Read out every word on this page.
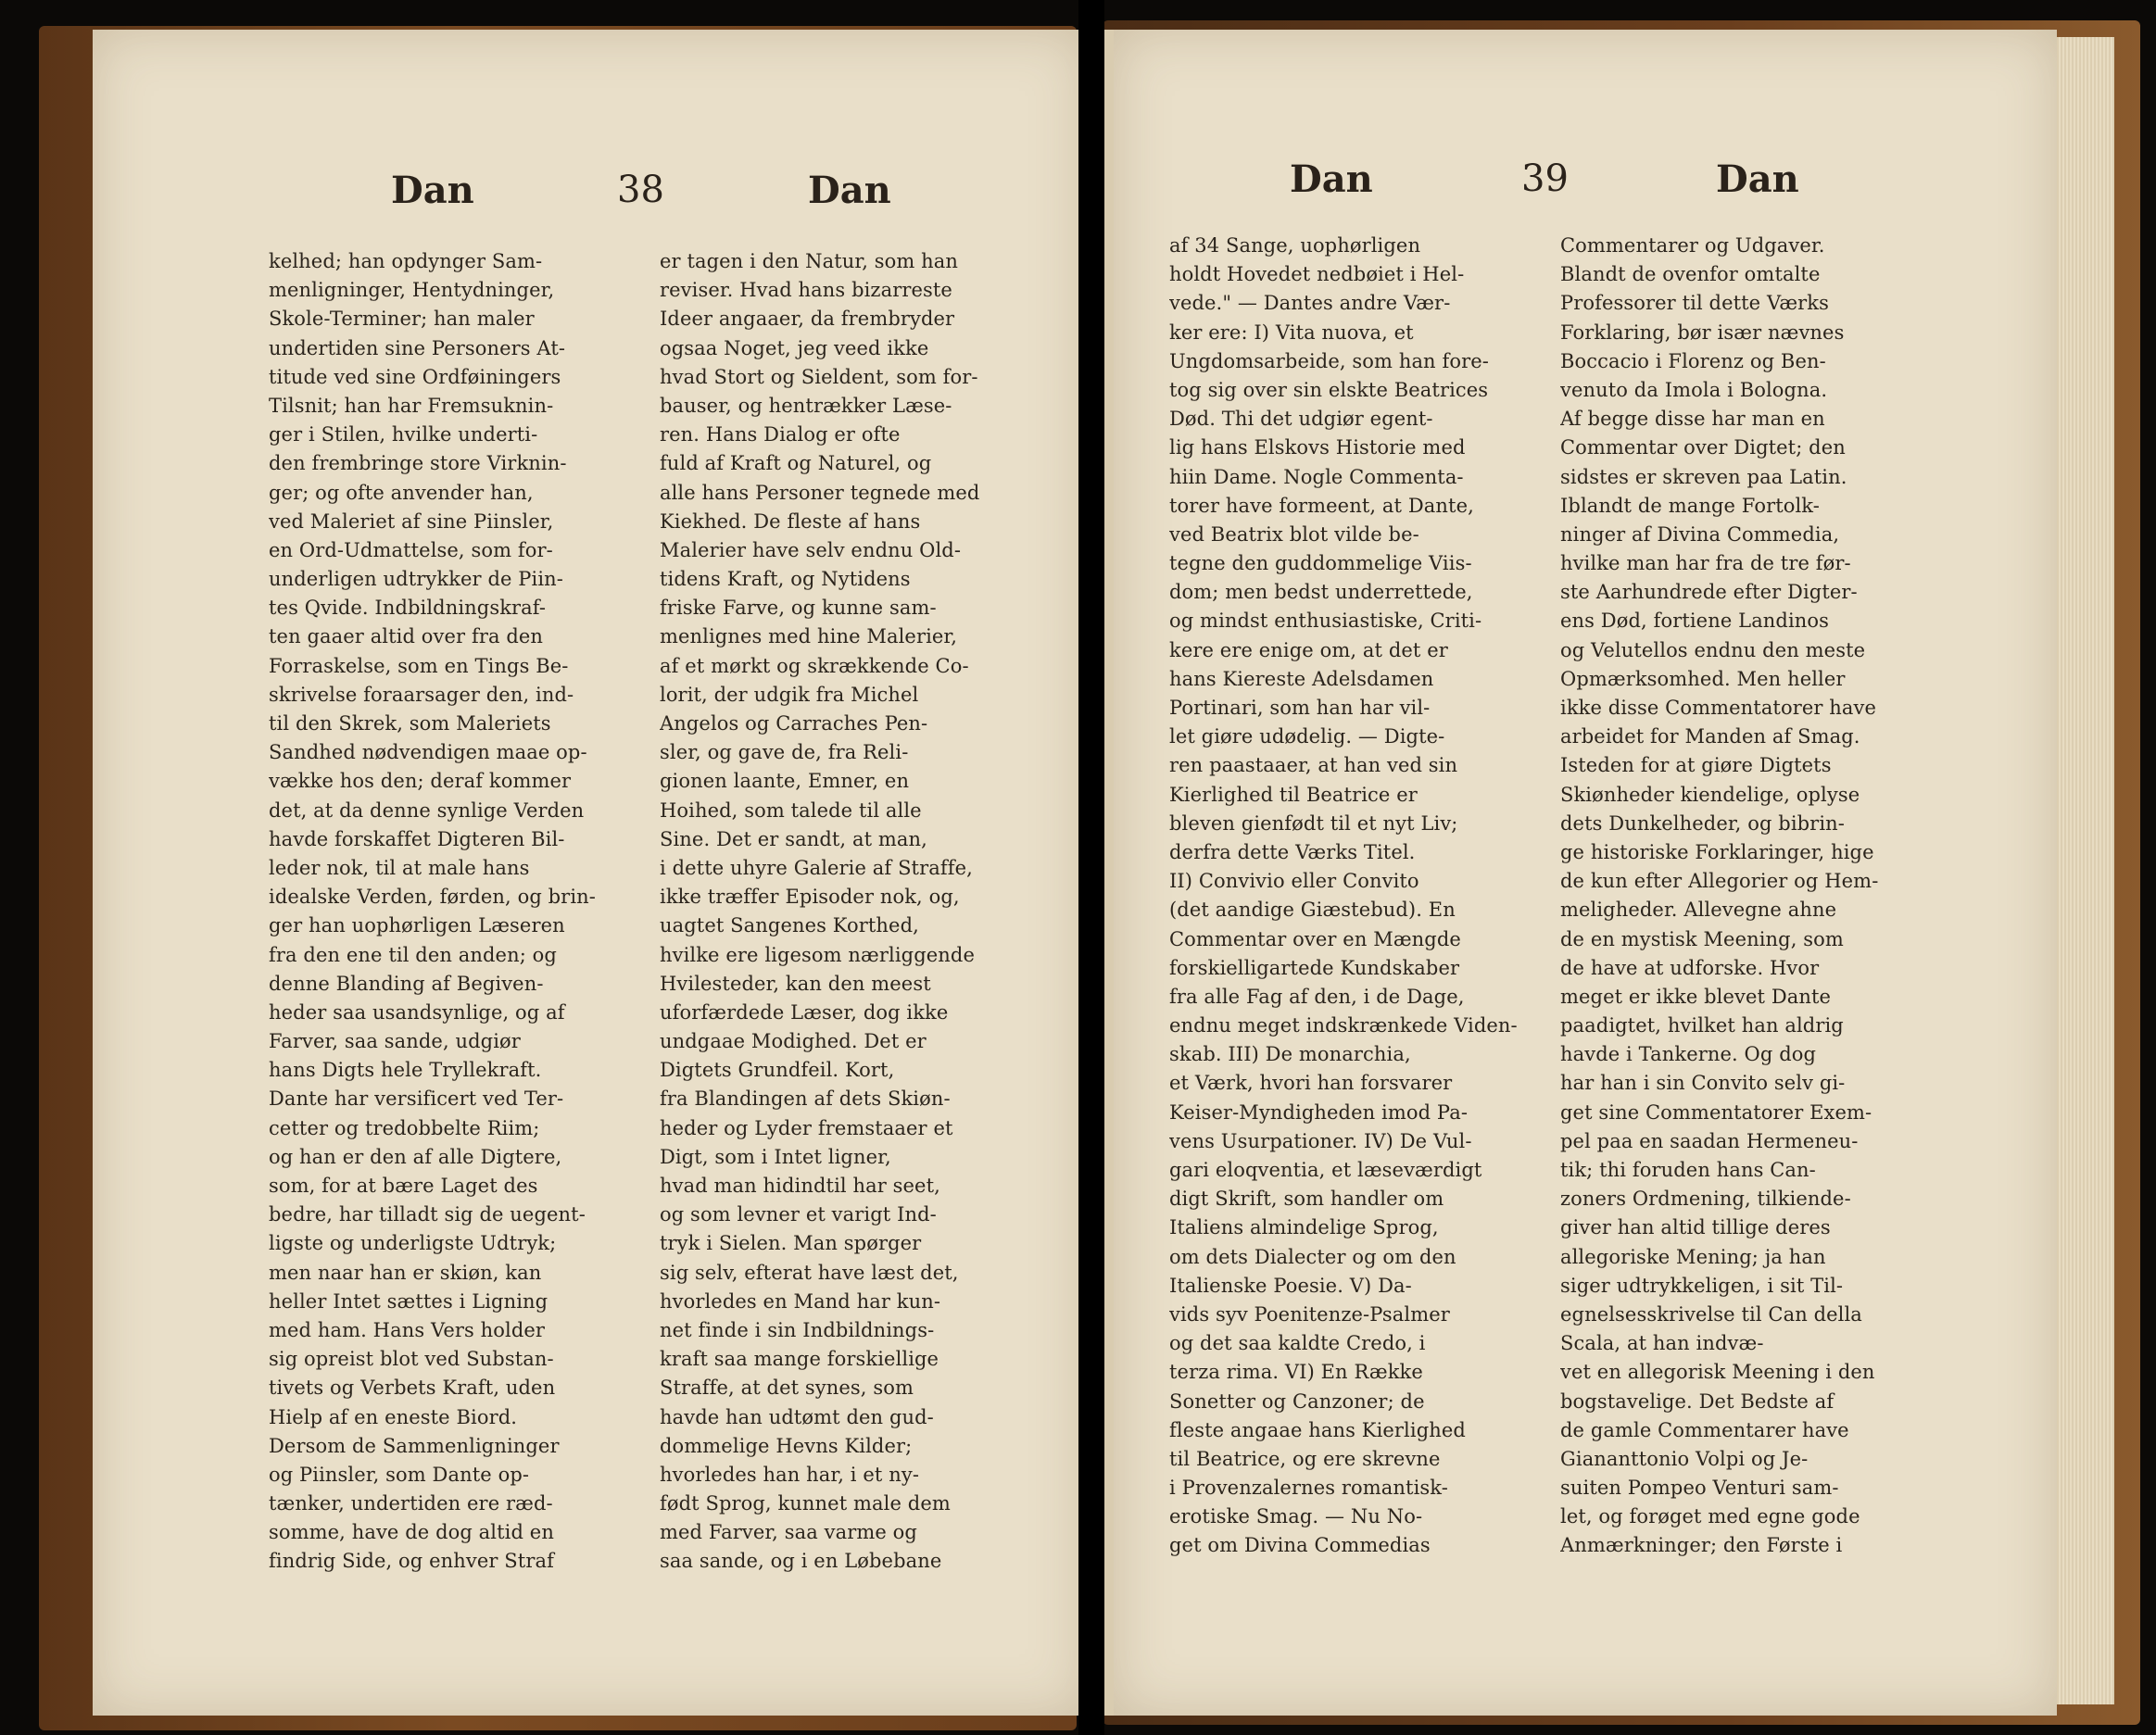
Dan	38	Dan
kelhed; han opdynger Sam-
menligninger, Hentydninger,
Skole-Terminer; han maler
undertiden sine Personers At-
titude ved sine Ordføiningers
Tilsnit; han har Fremsuknin-
ger i Stilen, hvilke underti-
den frembringe store Virknin-
ger; og ofte anvender han,
ved Maleriet af sine Piinsler,
en Ord-Udmattelse, som for-
underligen udtrykker de Piin-
tes Qvide. Indbildningskraf-
ten gaaer altid over fra den
Forraskelse, som en Tings Be-
skrivelse foraarsager den, ind-
til den Skrek, som Maleriets
Sandhed nødvendigen maae op-
vække hos den; deraf kommer
det, at da denne synlige Verden
havde forskaffet Digteren Bil-
leder nok, til at male hans
idealske Verden, førden, og brin-
ger han uophørligen Læseren
fra den ene til den anden; og
denne Blanding af Begiven-
heder saa usandsynlige, og af
Farver, saa sande, udgiør
hans Digts hele Tryllekraft.
Dante har versificert ved Ter-
cetter og tredobbelte Riim;
og han er den af alle Digtere,
som, for at bære Laget des
bedre, har tilladt sig de uegent-
ligste og underligste Udtryk;
men naar han er skiøn, kan
heller Intet sættes i Ligning
med ham. Hans Vers holder
sig opreist blot ved Substan-
tivets og Verbets Kraft, uden
Hielp af en eneste Biord.
Dersom de Sammenligninger
og Piinsler, som Dante op-
tænker, undertiden ere ræd-
somme, have de dog altid en
findrig Side, og enhver Straf
er tagen i den Natur, som han
reviser. Hvad hans bizarreste
Ideer angaaer, da frembryder
ogsaa Noget, jeg veed ikke
hvad Stort og Sieldent, som for-
bauser, og hentrækker Læse-
ren. Hans Dialog er ofte
fuld af Kraft og Naturel, og
alle hans Personer tegnede med
Kiekhed. De fleste af hans
Malerier have selv endnu Old-
tidens Kraft, og Nytidens
friske Farve, og kunne sam-
menlignes med hine Malerier,
af et mørkt og skrækkende Co-
lorit, der udgik fra Michel
Angelos og Carraches Pen-
sler, og gave de, fra Reli-
gionen laante, Emner, en
Hoihed, som talede til alle
Sine. Det er sandt, at man,
i dette uhyre Galerie af Straffe,
ikke træffer Episoder nok, og,
uagtet Sangenes Korthed,
hvilke ere ligesom nærliggende
Hvilesteder, kan den meest
uforfærdede Læser, dog ikke
undgaae Modighed. Det er
Digtets Grundfeil. Kort,
fra Blandingen af dets Skiøn-
heder og Lyder fremstaaer et
Digt, som i Intet ligner,
hvad man hidindtil har seet,
og som levner et varigt Ind-
tryk i Sielen. Man spørger
sig selv, efterat have læst det,
hvorledes en Mand har kun-
net finde i sin Indbildnings-
kraft saa mange forskiellige
Straffe, at det synes, som
havde han udtømt den gud-
dommelige Hevns Kilder;
hvorledes han har, i et ny-
født Sprog, kunnet male dem
med Farver, saa varme og
saa sande, og i en Løbebane
Dan	39	Dan
af 34 Sange, uophørligen
holdt Hovedet nedbøiet i Hel-
vede." — Dantes andre Vær-
ker ere: I) Vita nuova, et
Ungdomsarbeide, som han fore-
tog sig over sin elskte Beatrices
Død. Thi det udgiør egent-
lig hans Elskovs Historie med
hiin Dame. Nogle Commenta-
torer have formeent, at Dante,
ved Beatrix blot vilde be-
tegne den guddommelige Viis-
dom; men bedst underrettede,
og mindst enthusiastiske, Criti-
kere ere enige om, at det er
hans Kiereste Adelsdamen
Portinari, som han har vil-
let giøre udødelig. — Digte-
ren paastaaer, at han ved sin
Kierlighed til Beatrice er
bleven gienfødt til et nyt Liv;
derfra dette Værks Titel.
II) Convivio eller Convito
(det aandige Giæstebud). En
Commentar over en Mængde
forskielligartede Kundskaber
fra alle Fag af den, i de Dage,
endnu meget indskrænkede Viden-
skab. III) De monarchia,
et Værk, hvori han forsvarer
Keiser-Myndigheden imod Pa-
vens Usurpationer. IV) De Vul-
gari eloqventia, et læseværdigt
digt Skrift, som handler om
Italiens almindelige Sprog,
om dets Dialecter og om den
Italienske Poesie. V) Da-
vids syv Poenitenze-Psalmer
og det saa kaldte Credo, i
terza rima. VI) En Række
Sonetter og Canzoner; de
fleste angaae hans Kierlighed
til Beatrice, og ere skrevne
i Provenzalernes romantisk-
erotiske Smag. — Nu No-
get om Divina Commedias
Commentarer og Udgaver.
Blandt de ovenfor omtalte
Professorer til dette Værks
Forklaring, bør især nævnes
Boccacio i Florenz og Ben-
venuto da Imola i Bologna.
Af begge disse har man en
Commentar over Digtet; den
sidstes er skreven paa Latin.
Iblandt de mange Fortolk-
ninger af Divina Commedia,
hvilke man har fra de tre før-
ste Aarhundrede efter Digter-
ens Død, fortiene Landinos
og Velutellos endnu den meste
Opmærksomhed. Men heller
ikke disse Commentatorer have
arbeidet for Manden af Smag.
Isteden for at giøre Digtets
Skiønheder kiendelige, oplyse
dets Dunkelheder, og bibrin-
ge historiske Forklaringer, hige
de kun efter Allegorier og Hem-
meligheder. Allevegne ahne
de en mystisk Meening, som
de have at udforske. Hvor
meget er ikke blevet Dante
paadigtet, hvilket han aldrig
havde i Tankerne. Og dog
har han i sin Convito selv gi-
get sine Commentatorer Exem-
pel paa en saadan Hermeneu-
tik; thi foruden hans Can-
zoners Ordmening, tilkiende-
giver han altid tillige deres
allegoriske Mening; ja han
siger udtrykkeligen, i sit Til-
egnelsesskrivelse til Can della
Scala, at han indvæ-
vet en allegorisk Meening i den
bogstavelige. Det Bedste af
de gamle Commentarer have
Giananttonio Volpi og Je-
suiten Pompeo Venturi sam-
let, og forøget med egne gode
Anmærkninger; den Første i
